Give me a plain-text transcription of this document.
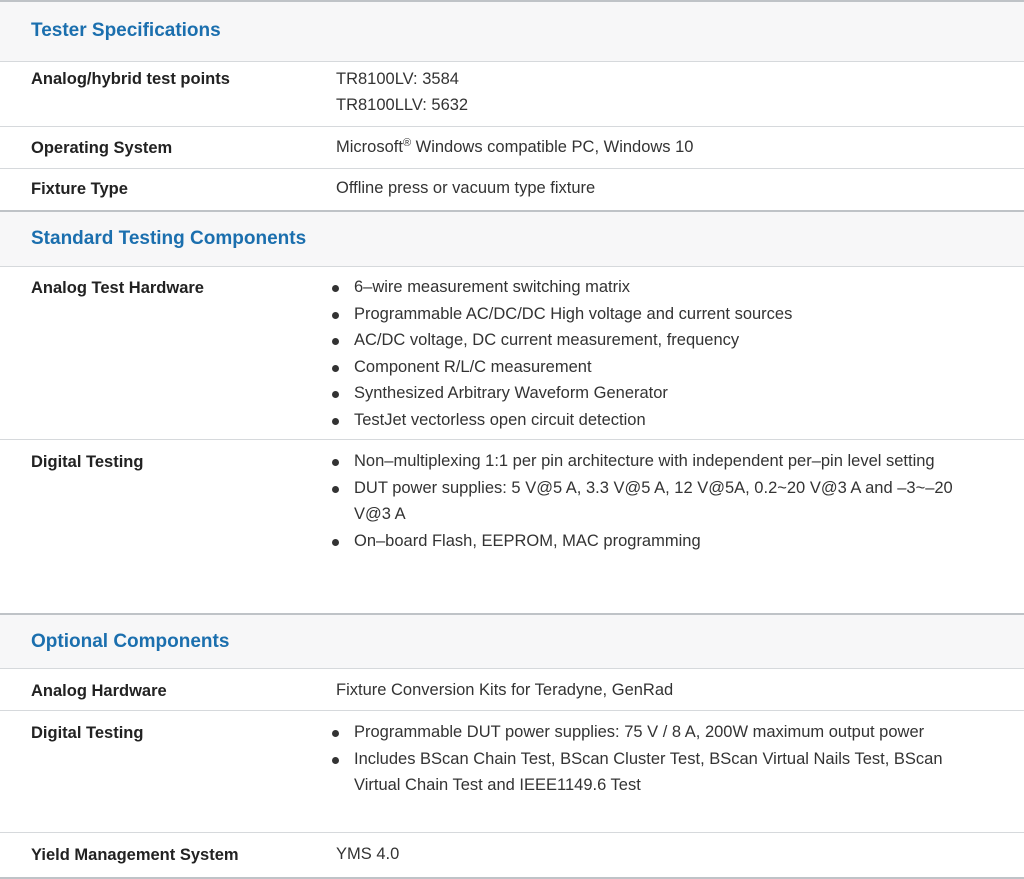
Tester Specifications
Analog/hybrid test points	TR8100LV: 3584
TR8100LLV: 5632
Operating System	Microsoft® Windows compatible PC, Windows 10
Fixture Type	Offline press or vacuum type fixture
Standard Testing Components
Analog Test Hardware	6–wire measurement switching matrix
Programmable AC/DC/DC High voltage and current sources
AC/DC voltage, DC current measurement, frequency
Component R/L/C measurement
Synthesized Arbitrary Waveform Generator
TestJet vectorless open circuit detection
Digital Testing	Non–multiplexing 1:1 per pin architecture with independent per–pin level setting
DUT power supplies: 5 V@5 A, 3.3 V@5 A, 12 V@5A, 0.2~20 V@3 A and –3~–20 V@3 A
On–board Flash, EEPROM, MAC programming
Optional Components
Analog Hardware	Fixture Conversion Kits for Teradyne, GenRad
Digital Testing	Programmable DUT power supplies: 75 V / 8 A, 200W maximum output power
Includes BScan Chain Test, BScan Cluster Test, BScan Virtual Nails Test, BScan Virtual Chain Test and IEEE1149.6 Test
Yield Management System	YMS 4.0
